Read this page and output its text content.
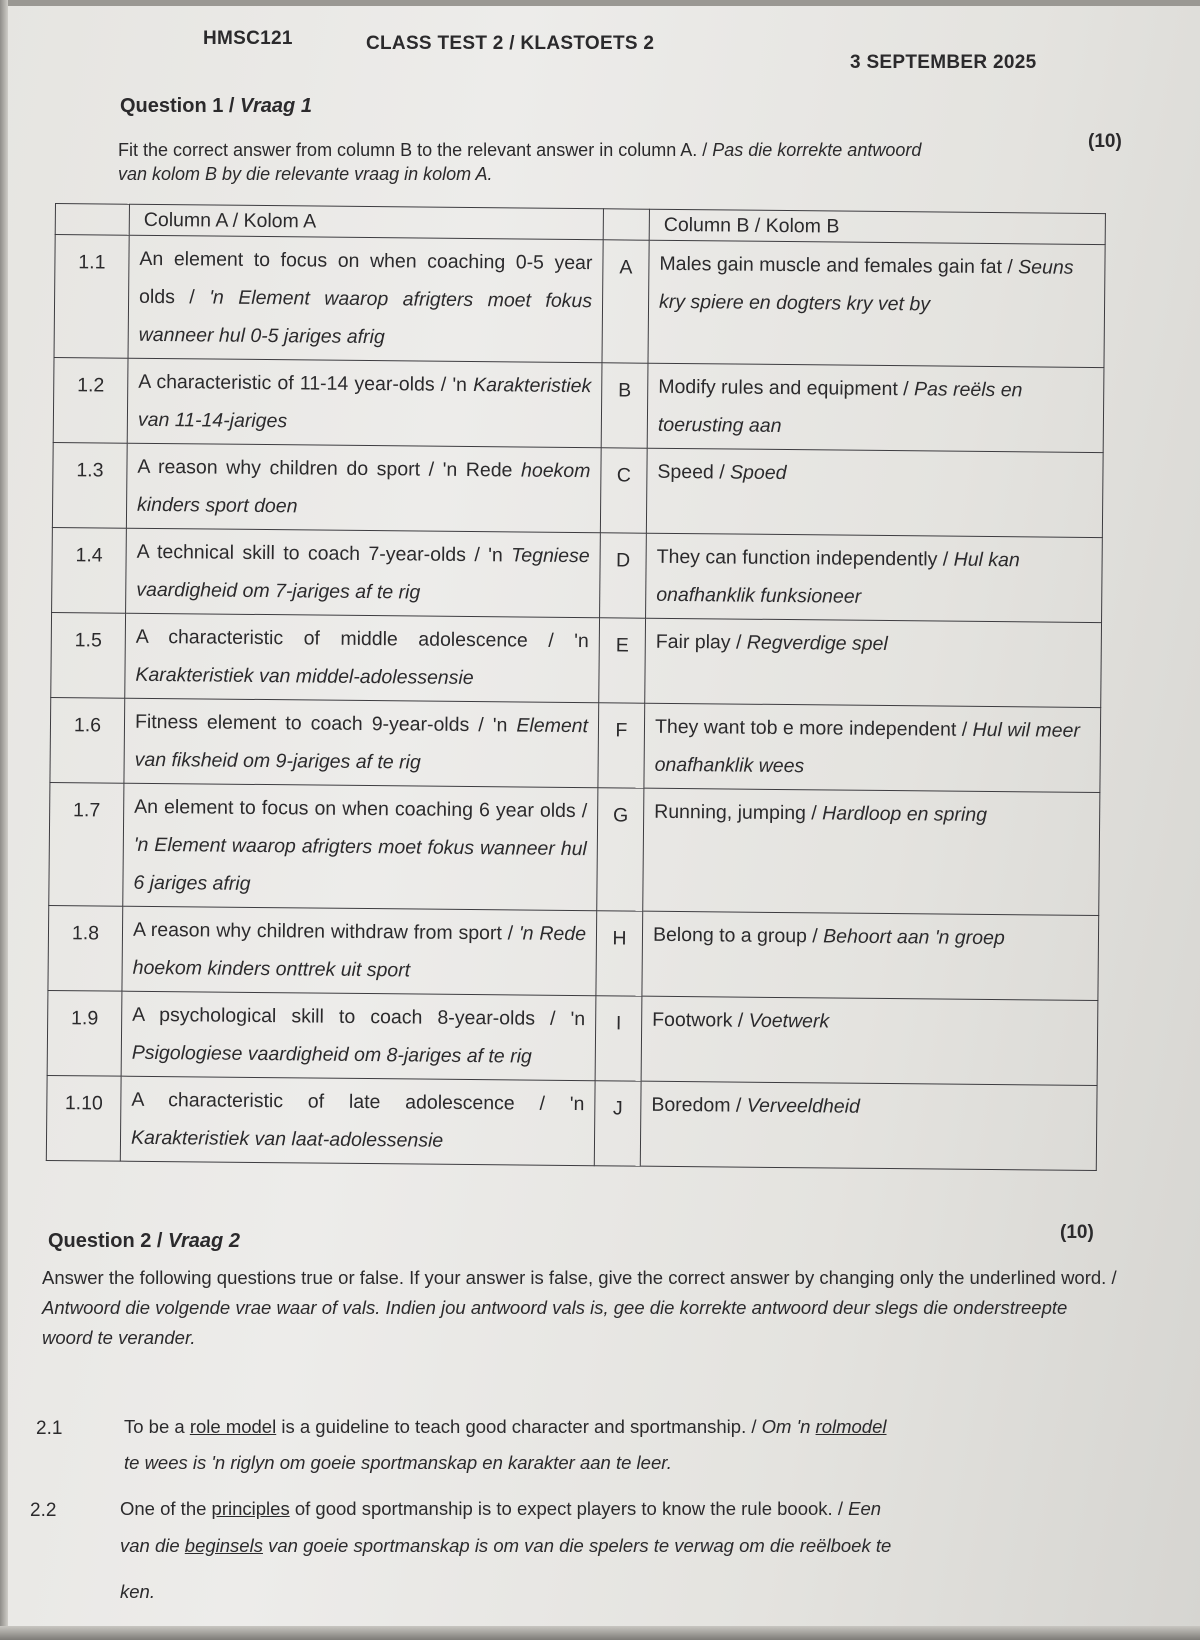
HMSC121	CLASS TEST 2 / KLASTOETS 2
3 SEPTEMBER 2025
Question 1 / Vraag 1
(10)
Fit the correct answer from column B to the relevant answer in column A. / Pas die korrekte antwoord
van kolom B by die relevante vraag in kolom A.
	Column A / Kolom A		Column B / Kolom B
1.1	An element to focus on when coaching 0-5 year olds / 'n Element waarop afrigters moet fokus wanneer hul 0-5 jariges afrig	A	Males gain muscle and females gain fat / Seuns kry spiere en dogters kry vet by
1.2	A characteristic of 11-14 year-olds / 'n Karakteristiek van 11-14-jariges	B	Modify rules and equipment / Pas reëls en toerusting aan
1.3	A reason why children do sport / 'n Rede hoekom kinders sport doen	C	Speed / Spoed
1.4	A technical skill to coach 7-year-olds / 'n Tegniese vaardigheid om 7-jariges af te rig	D	They can function independently / Hul kan onafhanklik funksioneer
1.5	A characteristic of middle adolescence / 'n Karakteristiek van middel-adolessensie	E	Fair play / Regverdige spel
1.6	Fitness element to coach 9-year-olds / 'n Element van fiksheid om 9-jariges af te rig	F	They want tob e more independent / Hul wil meer onafhanklik wees
1.7	An element to focus on when coaching 6 year olds / 'n Element waarop afrigters moet fokus wanneer hul 6 jariges afrig	G	Running, jumping / Hardloop en spring
1.8	A reason why children withdraw from sport / 'n Rede hoekom kinders onttrek uit sport	H	Belong to a group / Behoort aan 'n groep
1.9	A psychological skill to coach 8-year-olds / 'n Psigologiese vaardigheid om 8-jariges af te rig	I	Footwork / Voetwerk
1.10	A characteristic of late adolescence / 'n Karakteristiek van laat-adolessensie	J	Boredom / Verveeldheid
Question 2 / Vraag 2	(10)
Answer the following questions true or false. If your answer is false, give the correct answer by changing only the underlined word. / Antwoord die volgende vrae waar of vals. Indien jou antwoord vals is, gee die korrekte antwoord deur slegs die onderstreepte woord te verander.
2.1	To be a role model is a guideline to teach good character and sportmanship. / Om 'n rolmodel
te wees is 'n riglyn om goeie sportmanskap en karakter aan te leer.
2.2	One of the principles of good sportmanship is to expect players to know the rule boook. / Een
van die beginsels van goeie sportmanskap is om van die spelers te verwag om die reëlboek te
ken.
